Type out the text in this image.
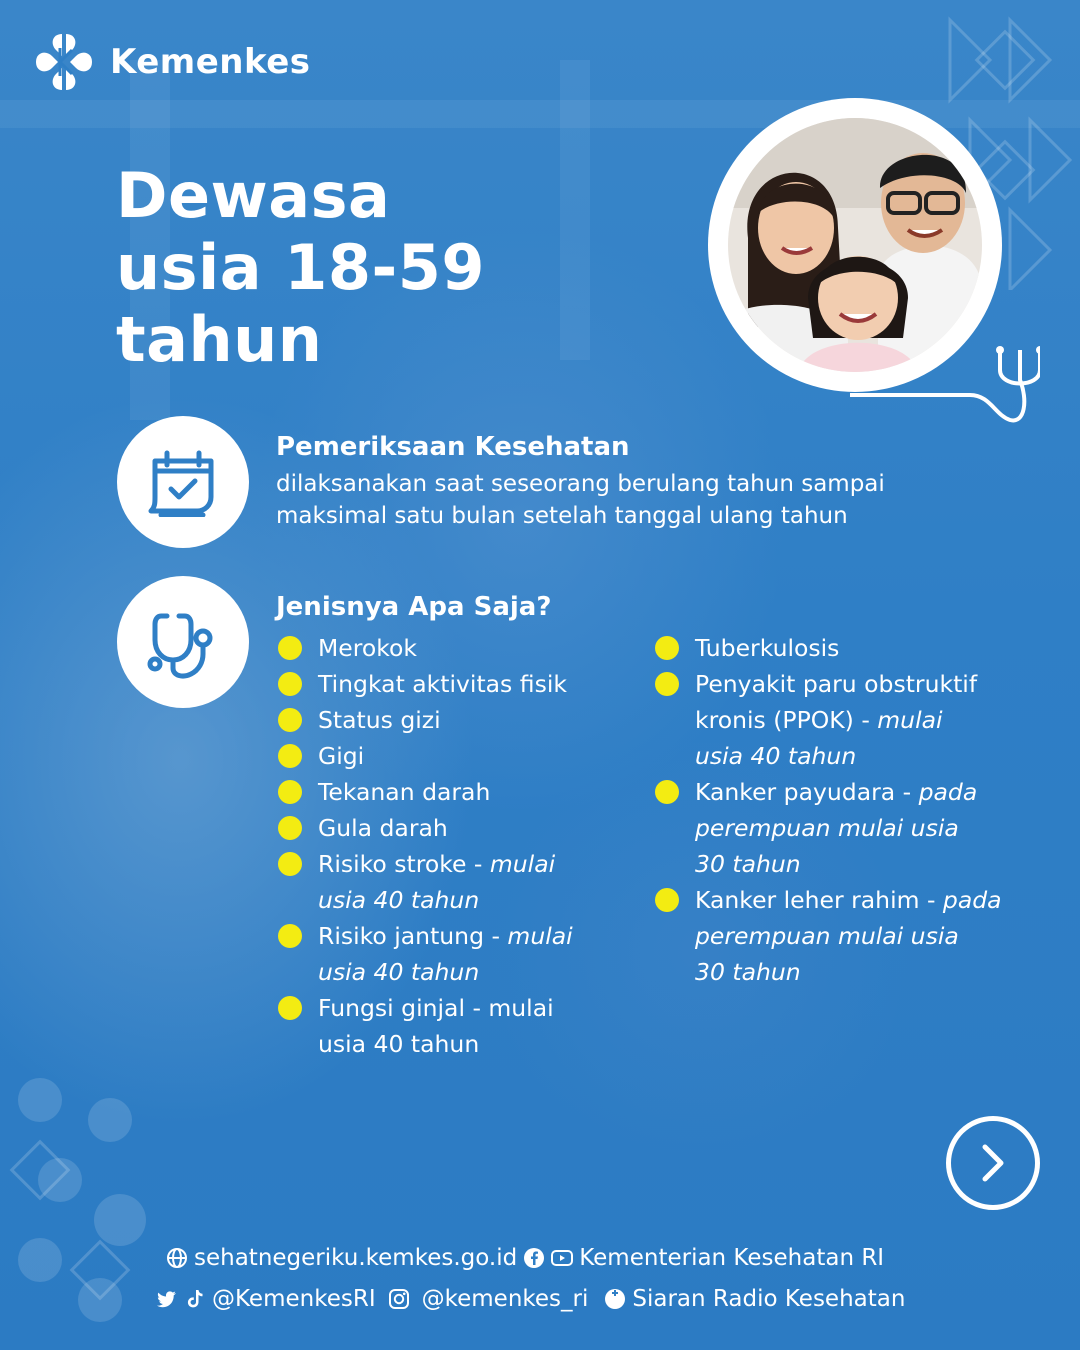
Kemenkes
Dewasa
usia 18-59
tahun
Pemeriksaan Kesehatan
dilaksanakan saat seseorang berulang tahun sampai
maksimal satu bulan setelah tanggal ulang tahun
Jenisnya Apa Saja?
Merokok
Tingkat aktivitas fisik
Status gizi
Gigi
Tekanan darah
Gula darah
Risiko stroke - mulai
usia 40 tahun
Risiko jantung - mulai
usia 40 tahun
Fungsi ginjal - mulai
usia 40 tahun
Tuberkulosis
Penyakit paru obstruktif
kronis (PPOK) - mulai
usia 40 tahun
Kanker payudara - pada
perempuan mulai usia
30 tahun
Kanker leher rahim - pada
perempuan mulai usia
30 tahun
sehatnegeriku.kemkes.go.id	Kementerian Kesehatan RI
@KemenkesRI @kemenkes_ri Siaran Radio Kesehatan
